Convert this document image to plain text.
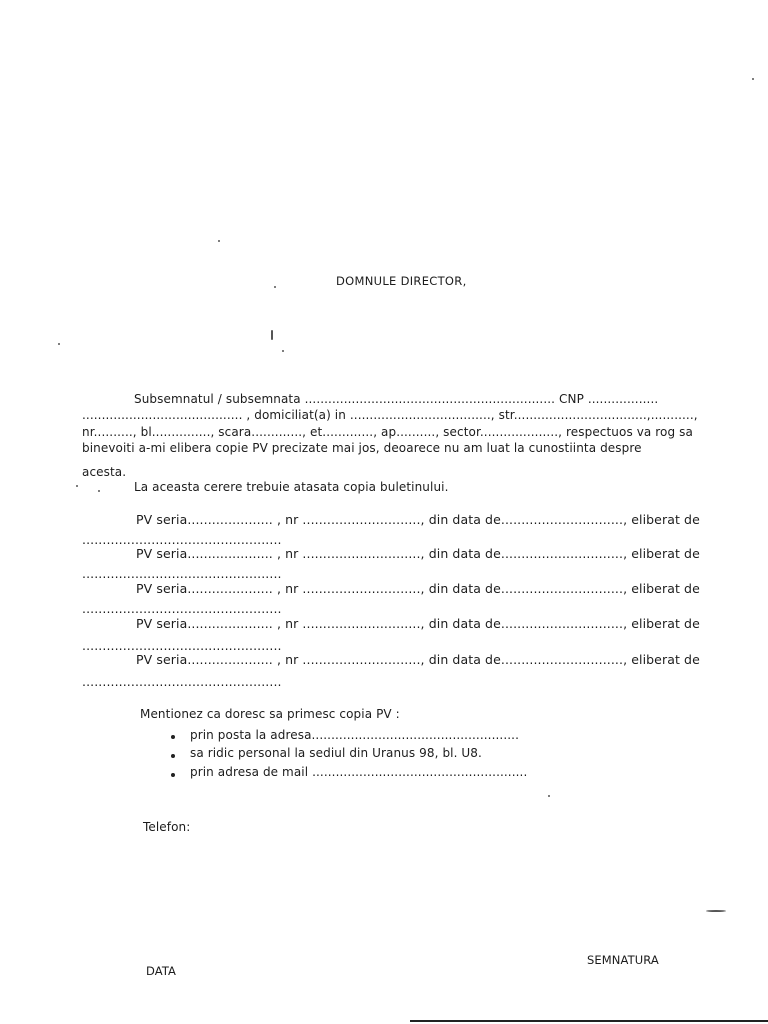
DOMNULE DIRECTOR,
Subsemnatul / subsemnata ................................................................ CNP ..................
......................................... , domiciliat(a) in ...................................., str..................................,...........,
nr.........., bl..............., scara............., et............., ap.........., sector...................., respectuos va rog sa
binevoiti a-mi elibera copie PV precizate mai jos, deoarece nu am luat la cunostiinta despre
acesta.
La aceasta cerere trebuie atasata copia buletinului.
PV seria..................... , nr ............................., din data de.............................., eliberat de
.................................................
PV seria..................... , nr ............................., din data de.............................., eliberat de
.................................................
PV seria..................... , nr ............................., din data de.............................., eliberat de
.................................................
PV seria..................... , nr ............................., din data de.............................., eliberat de
.................................................
PV seria..................... , nr ............................., din data de.............................., eliberat de
.................................................
Mentionez ca doresc sa primesc copia PV :
prin posta la adresa.....................................................
sa ridic personal la sediul din Uranus 98, bl. U8.
prin adresa de mail .......................................................
Telefon:
DATA
SEMNATURA
